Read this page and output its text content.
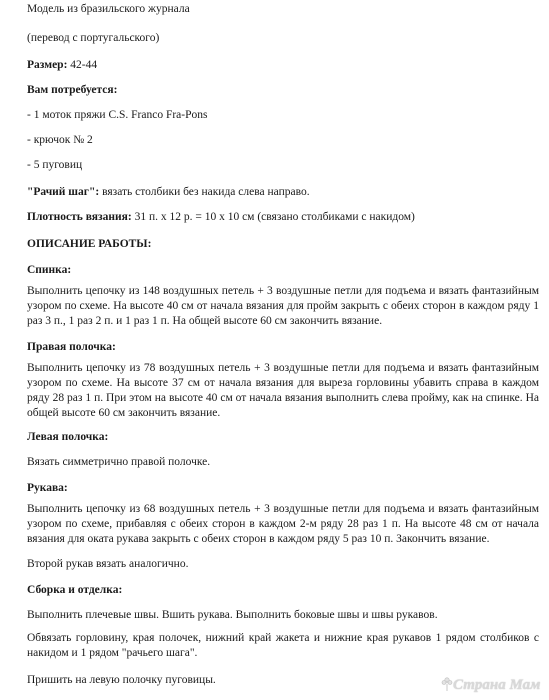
Модель из бразильского журнала
(перевод с португальского)
Размер: 42-44
Вам потребуется:
- 1 моток пряжи C.S. Franco Fra-Pons
- крючок № 2
- 5 пуговиц
"Рачий шаг": вязать столбики без накида слева направо.
Плотность вязания: 31 п. х 12 р. = 10 х 10 см (связано столбиками с накидом)
ОПИСАНИЕ РАБОТЫ:
Спинка:
Выполнить цепочку из 148 воздушных петель + 3 воздушные петли для подъема и вязать фантазийным узором по схеме. На высоте 40 см от начала вязания для пройм закрыть с обеих сторон в каждом ряду 1 раз 3 п., 1 раз 2 п. и 1 раз 1 п. На общей высоте 60 см закончить вязание.
Правая полочка:
Выполнить цепочку из 78 воздушных петель + 3 воздушные петли для подъема и вязать фантазийным узором по схеме. На высоте 37 см от начала вязания для выреза горловины убавить справа в каждом ряду 28 раз 1 п. При этом на высоте 40 см от начала вязания выполнить слева пройму, как на спинке. На общей высоте 60 см закончить вязание.
Левая полочка:
Вязать симметрично правой полочке.
Рукава:
Выполнить цепочку из 68 воздушных петель + 3 воздушные петли для подъема и вязать фантазийным узором по схеме, прибавляя с обеих сторон в каждом 2-м ряду 28 раз 1 п. На высоте 48 см от начала вязания для оката рукава закрыть с обеих сторон в каждом ряду 5 раз 10 п. Закончить вязание.
Второй рукав вязать аналогично.
Сборка и отделка:
Выполнить плечевые швы. Вшить рукава. Выполнить боковые швы и швы рукавов.
Обвязать горловину, края полочек, нижний край жакета и нижние края рукавов 1 рядом столбиков с накидом и 1 рядом "рачьего шага".
Пришить на левую полочку пуговицы.	Страна Мам
